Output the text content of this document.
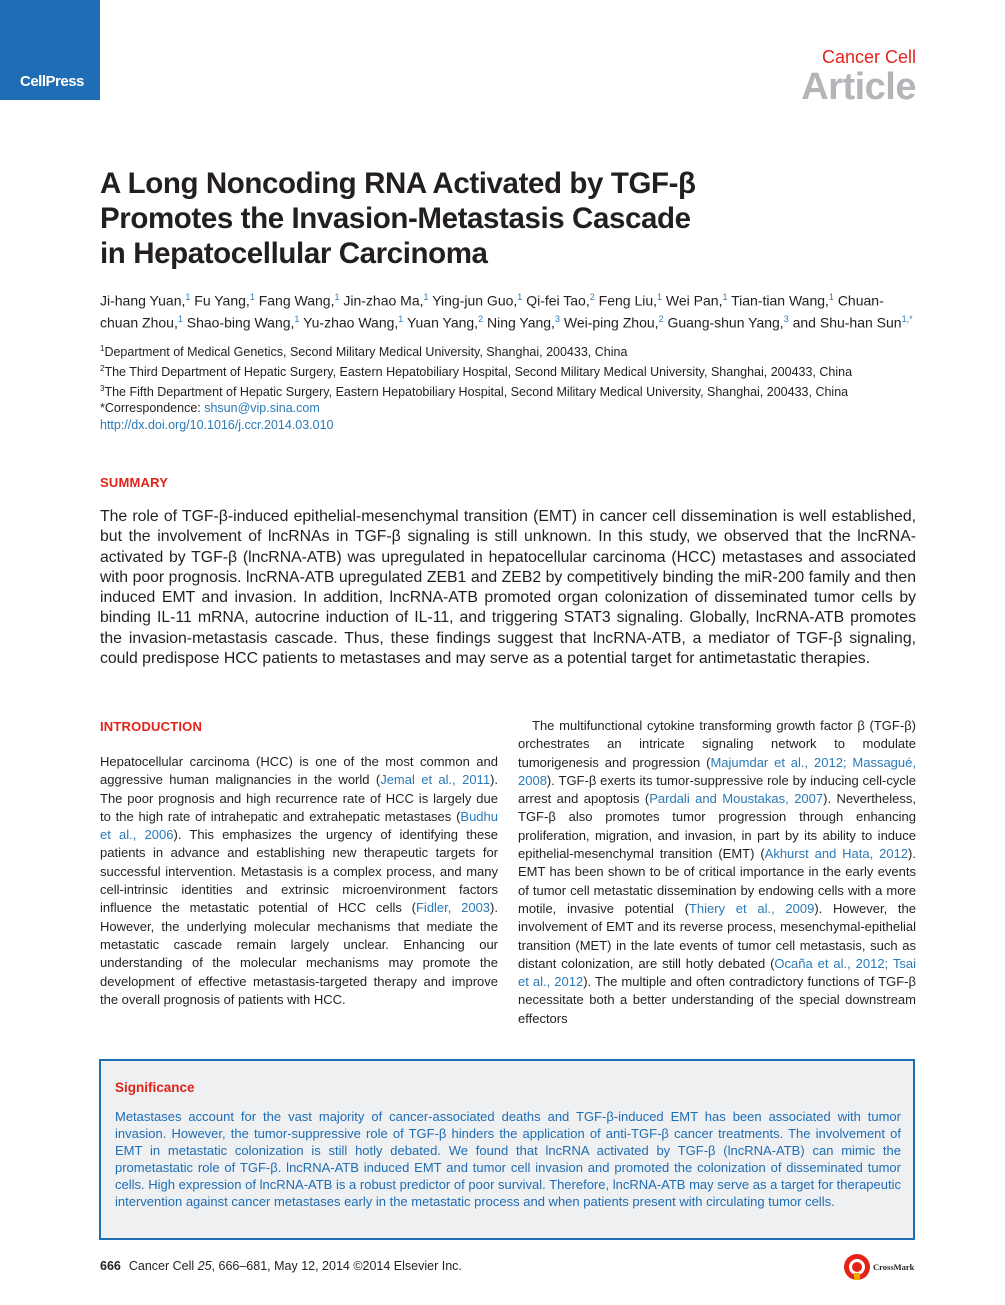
CellPress
Cancer Cell
Article
A Long Noncoding RNA Activated by TGF-β
Promotes the Invasion-Metastasis Cascade
in Hepatocellular Carcinoma

Ji-hang Yuan,$^1$ Fu Yang,$^1$ Fang Wang,$^1$ Jin-zhao Ma,$^1$ Ying-jun Guo,$^1$ Qi-fei Tao,$^2$ Feng Liu,$^1$ Wei Pan,$^1$ Tian-tian Wang,$^1$ Chuan-chuan Zhou,$^1$ Shao-bing Wang,$^1$ Yu-zhao Wang,$^1$ Yuan Yang,$^2$ Ning Yang,$^3$ Wei-ping Zhou,$^2$ Guang-shun Yang,$^3$ and Shu-han Sun$^{1,*}$

$^1$Department of Medical Genetics, Second Military Medical University, Shanghai, 200433, China
$^2$The Third Department of Hepatic Surgery, Eastern Hepatobiliary Hospital, Second Military Medical University, Shanghai, 200433, China
$^3$The Fifth Department of Hepatic Surgery, Eastern Hepatobiliary Hospital, Second Military Medical University, Shanghai, 200433, China
*Correspondence: shsun@vip.sina.com
http://dx.doi.org/10.1016/j.ccr.2014.03.010
SUMMARY

The role of TGF-β-induced epithelial-mesenchymal transition (EMT) in cancer cell dissemination is well established, but the involvement of lncRNAs in TGF-β signaling is still unknown. In this study, we observed that the lncRNA-activated by TGF-β (lncRNA-ATB) was upregulated in hepatocellular carcinoma (HCC) metastases and associated with poor prognosis. lncRNA-ATB upregulated ZEB1 and ZEB2 by competitively binding the miR-200 family and then induced EMT and invasion. In addition, lncRNA-ATB promoted organ colonization of disseminated tumor cells by binding IL-11 mRNA, autocrine induction of IL-11, and triggering STAT3 signaling. Globally, lncRNA-ATB promotes the invasion-metastasis cascade. Thus, these findings suggest that lncRNA-ATB, a mediator of TGF-β signaling, could predispose HCC patients to metastases and may serve as a potential target for antimetastatic therapies.

INTRODUCTION

Hepatocellular carcinoma (HCC) is one of the most common and aggressive human malignancies in the world (Jemal et al., 2011). The poor prognosis and high recurrence rate of HCC is largely due to the high rate of intrahepatic and extrahepatic metastases (Budhu et al., 2006). This emphasizes the urgency of identifying these patients in advance and establishing new therapeutic targets for successful intervention. Metastasis is a complex process, and many cell-intrinsic identities and extrinsic microenvironment factors influence the metastatic potential of HCC cells (Fidler, 2003). However, the underlying molecular mechanisms that mediate the metastatic cascade remain largely unclear. Enhancing our understanding of the molecular mechanisms may promote the development of effective metastasis-targeted therapy and improve the overall prognosis of patients with HCC.

The multifunctional cytokine transforming growth factor β (TGF-β) orchestrates an intricate signaling network to modulate tumorigenesis and progression (Majumdar et al., 2012; Massagué, 2008). TGF-β exerts its tumor-suppressive role by inducing cell-cycle arrest and apoptosis (Pardali and Moustakas, 2007). Nevertheless, TGF-β also promotes tumor progression through enhancing proliferation, migration, and invasion, in part by its ability to induce epithelial-mesenchymal transition (EMT) (Akhurst and Hata, 2012). EMT has been shown to be of critical importance in the early events of tumor cell metastatic dissemination by endowing cells with a more motile, invasive potential (Thiery et al., 2009). However, the involvement of EMT and its reverse process, mesenchymal-epithelial transition (MET) in the late events of tumor cell metastasis, such as distant colonization, are still hotly debated (Ocaña et al., 2012; Tsai et al., 2012). The multiple and often contradictory functions of TGF-β necessitate both a better understanding of the special downstream effectors

Significance

Metastases account for the vast majority of cancer-associated deaths and TGF-β-induced EMT has been associated with tumor invasion. However, the tumor-suppressive role of TGF-β hinders the application of anti-TGF-β cancer treatments. The involvement of EMT in metastatic colonization is still hotly debated. We found that lncRNA activated by TGF-β (lncRNA-ATB) can mimic the prometastatic role of TGF-β. lncRNA-ATB induced EMT and tumor cell invasion and promoted the colonization of disseminated tumor cells. High expression of lncRNA-ATB is a robust predictor of poor survival. Therefore, lncRNA-ATB may serve as a target for therapeutic intervention against cancer metastases early in the metastatic process and when patients present with circulating tumor cells.

666 Cancer Cell 25, 666–681, May 12, 2014 ©2014 Elsevier Inc.	CrossMark
